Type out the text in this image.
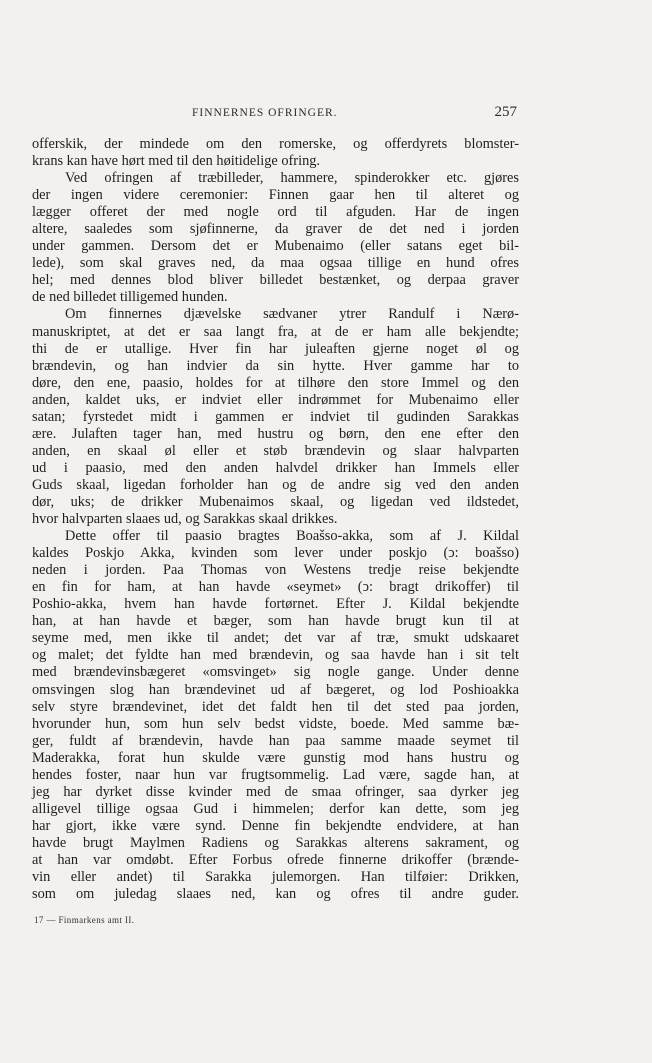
FINNERNES OFRINGER.	257
offerskik, der mindede om den romerske, og offerdyrets blomster-
krans kan have hørt med til den høitidelige ofring.
Ved ofringen af træbilleder, hammere, spinderokker etc. gjøres
der ingen videre ceremonier: Finnen gaar hen til alteret og
lægger offeret der med nogle ord til afguden. Har de ingen
altere, saaledes som sjøfinnerne, da graver de det ned i jorden
under gammen. Dersom det er Mubenaimo (eller satans eget bil-
lede), som skal graves ned, da maa ogsaa tillige en hund ofres
hel; med dennes blod bliver billedet bestænket, og derpaa graver
de ned billedet tilligemed hunden.
Om finnernes djævelske sædvaner ytrer Randulf i Nærø-
manuskriptet, at det er saa langt fra, at de er ham alle bekjendte;
thi de er utallige. Hver fin har juleaften gjerne noget øl og
brændevin, og han indvier da sin hytte. Hver gamme har to
døre, den ene, paasio, holdes for at tilhøre den store Immel og den
anden, kaldet uks, er indviet eller indrømmet for Mubenaimo eller
satan; fyrstedet midt i gammen er indviet til gudinden Sarakkas
ære. Julaften tager han, med hustru og børn, den ene efter den
anden, en skaal øl eller et støb brændevin og slaar halvparten
ud i paasio, med den anden halvdel drikker han Immels eller
Guds skaal, ligedan forholder han og de andre sig ved den anden
dør, uks; de drikker Mubenaimos skaal, og ligedan ved ildstedet,
hvor halvparten slaaes ud, og Sarakkas skaal drikkes.
Dette offer til paasio bragtes Boašso-akka, som af J. Kildal
kaldes Poskjo Akka, kvinden som lever under poskjo (ↄ: boašso)
neden i jorden. Paa Thomas von Westens tredje reise bekjendte
en fin for ham, at han havde «seymet» (ↄ: bragt drikoffer) til
Poshio-akka, hvem han havde fortørnet. Efter J. Kildal bekjendte
han, at han havde et bæger, som han havde brugt kun til at
seyme med, men ikke til andet; det var af træ, smukt udskaaret
og malet; det fyldte han med brændevin, og saa havde han i sit telt
med brændevinsbægeret «omsvinget» sig nogle gange. Under denne
omsvingen slog han brændevinet ud af bægeret, og lod Poshioakka
selv styre brændevinet, idet det faldt hen til det sted paa jorden,
hvorunder hun, som hun selv bedst vidste, boede. Med samme bæ-
ger, fuldt af brændevin, havde han paa samme maade seymet til
Maderakka, forat hun skulde være gunstig mod hans hustru og
hendes foster, naar hun var frugtsommelig. Lad være, sagde han, at
jeg har dyrket disse kvinder med de smaa ofringer, saa dyrker jeg
alligevel tillige ogsaa Gud i himmelen; derfor kan dette, som jeg
har gjort, ikke være synd. Denne fin bekjendte endvidere, at han
havde brugt Maylmen Radiens og Sarakkas alterens sakrament, og
at han var omdøbt. Efter Forbus ofrede finnerne drikoffer (brænde-
vin eller andet) til Sarakka julemorgen. Han tilføier: Drikken,
som om juledag slaaes ned, kan og ofres til andre guder.
17 — Finmarkens amt II.
